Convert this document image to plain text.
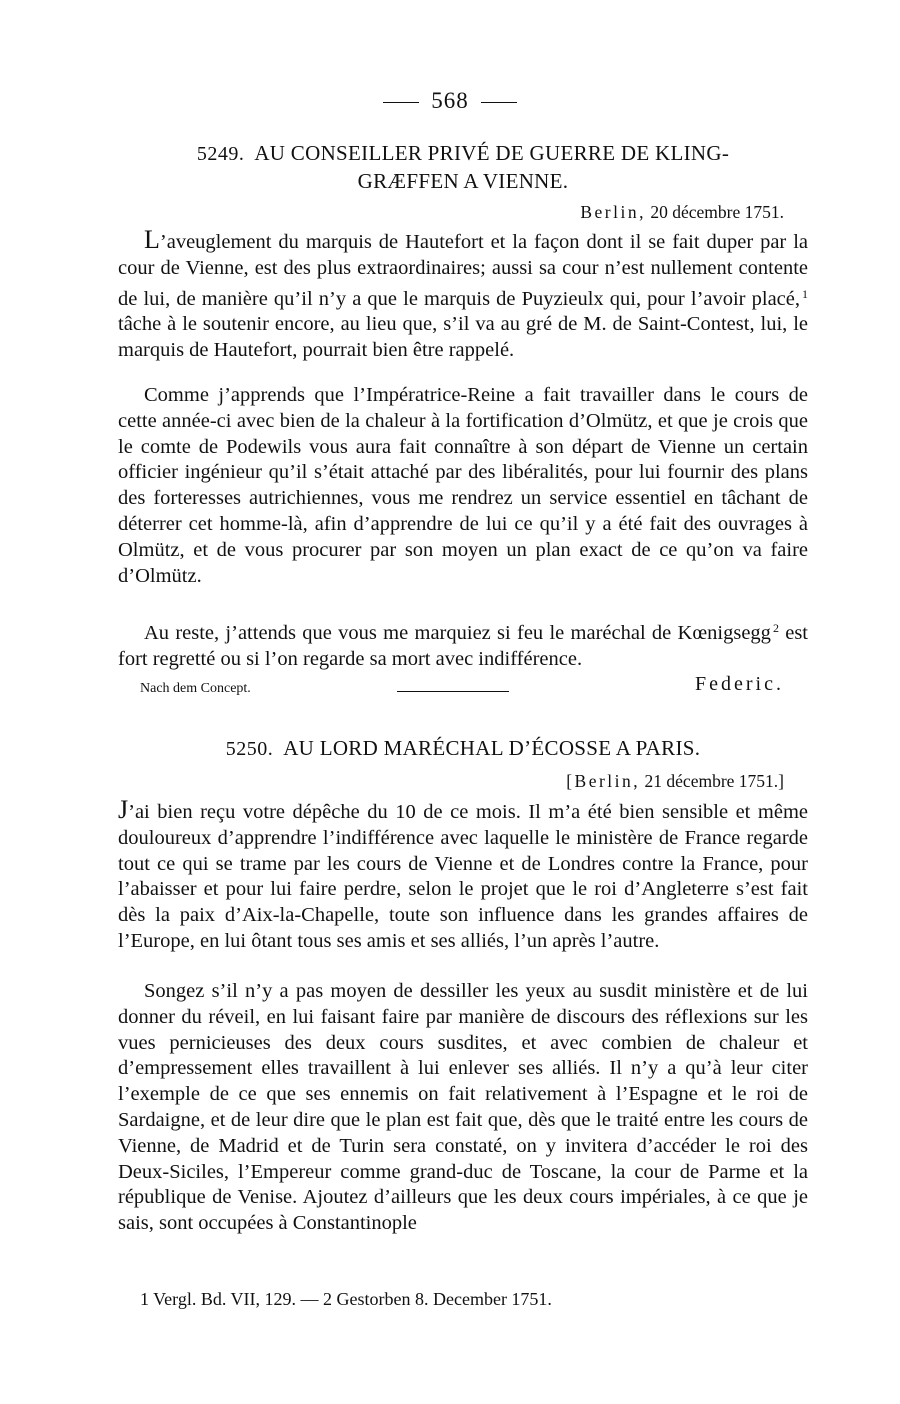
568
5249. AU CONSEILLER PRIVÉ DE GUERRE DE KLING-
GRÆFFEN A VIENNE.
Berlin, 20 décembre 1751.

L’aveuglement du marquis de Hautefort et la façon dont il se fait duper par la cour de Vienne, est des plus extraordinaires; aussi sa cour n’est nullement contente de lui, de manière qu’il n’y a que le marquis de Puyzieulx qui, pour l’avoir placé, $^1$ tâche à le soutenir encore, au lieu que, s’il va au gré de M. de Saint-Contest, lui, le marquis de Hautefort, pourrait bien être rappelé.

Comme j’apprends que l’Impératrice-Reine a fait travailler dans le cours de cette année-ci avec bien de la chaleur à la fortification d’Olmütz, et que je crois que le comte de Podewils vous aura fait connaître à son départ de Vienne un certain officier ingénieur qu’il s’était attaché par des libéralités, pour lui fournir des plans des forteresses autrichiennes, vous me rendrez un service essentiel en tâchant de déterrer cet homme-là, afin d’apprendre de lui ce qu’il y a été fait des ouvrages à Olmütz, et de vous procurer par son moyen un plan exact de ce qu’on va faire d’Olmütz.

Au reste, j’attends que vous me marquiez si feu le maréchal de Kœnigsegg $^2$ est fort regretté ou si l’on regarde sa mort avec indifférence.

Nach dem Concept.	Federic.
5250. AU LORD MARÉCHAL D’ÉCOSSE A PARIS.
[Berlin, 21 décembre 1751.]

J’ai bien reçu votre dépêche du 10 de ce mois. Il m’a été bien sensible et même douloureux d’apprendre l’indifférence avec laquelle le ministère de France regarde tout ce qui se trame par les cours de Vienne et de Londres contre la France, pour l’abaisser et pour lui faire perdre, selon le projet que le roi d’Angleterre s’est fait dès la paix d’Aix-la-Chapelle, toute son influence dans les grandes affaires de l’Europe, en lui ôtant tous ses amis et ses alliés, l’un après l’autre.

Songez s’il n’y a pas moyen de dessiller les yeux au susdit ministère et de lui donner du réveil, en lui faisant faire par manière de discours des réflexions sur les vues pernicieuses des deux cours susdites, et avec combien de chaleur et d’empressement elles travaillent à lui enlever ses alliés. Il n’y a qu’à leur citer l’exemple de ce que ses ennemis on fait relativement à l’Espagne et le roi de Sardaigne, et de leur dire que le plan est fait que, dès que le traité entre les cours de Vienne, de Madrid et de Turin sera constaté, on y invitera d’accéder le roi des Deux-Siciles, l’Empereur comme grand-duc de Toscane, la cour de Parme et la république de Venise. Ajoutez d’ailleurs que les deux cours impériales, à ce que je sais, sont occupées à Constantinople

1 Vergl. Bd. VII, 129. — 2 Gestorben 8. December 1751.
